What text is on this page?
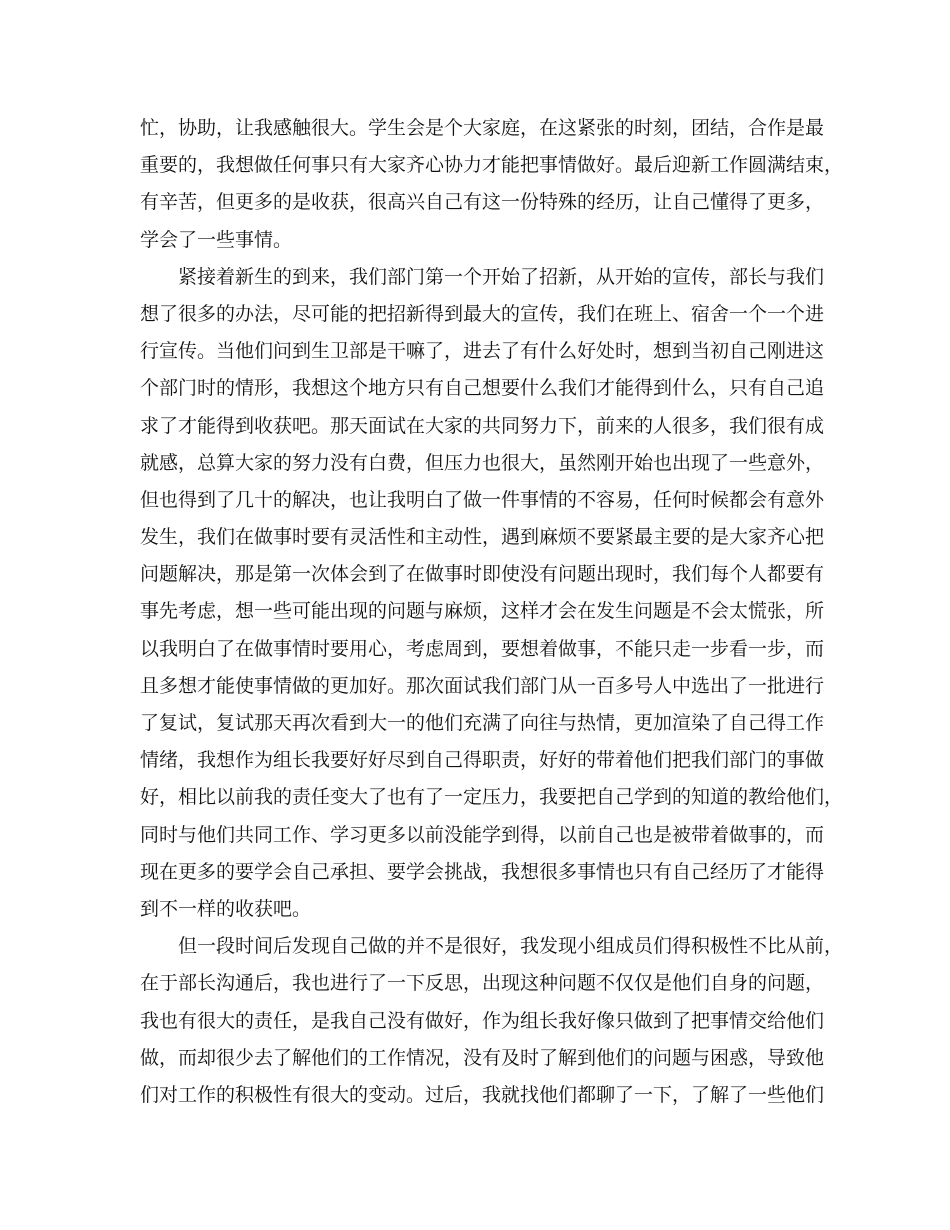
忙，协助，让我感触很大。学生会是个大家庭，在这紧张的时刻，团结，合作是最
重要的，我想做任何事只有大家齐心协力才能把事情做好。最后迎新工作圆满结束，
有辛苦，但更多的是收获，很高兴自己有这一份特殊的经历，让自己懂得了更多，
学会了一些事情。
紧接着新生的到来，我们部门第一个开始了招新，从开始的宣传，部长与我们
想了很多的办法，尽可能的把招新得到最大的宣传，我们在班上、宿舍一个一个进
行宣传。当他们问到生卫部是干嘛了，进去了有什么好处时，想到当初自己刚进这
个部门时的情形，我想这个地方只有自己想要什么我们才能得到什么，只有自己追
求了才能得到收获吧。那天面试在大家的共同努力下，前来的人很多，我们很有成
就感，总算大家的努力没有白费，但压力也很大，虽然刚开始也出现了一些意外，
但也得到了几十的解决，也让我明白了做一件事情的不容易，任何时候都会有意外
发生，我们在做事时要有灵活性和主动性，遇到麻烦不要紧最主要的是大家齐心把
问题解决，那是第一次体会到了在做事时即使没有问题出现时，我们每个人都要有
事先考虑，想一些可能出现的问题与麻烦，这样才会在发生问题是不会太慌张，所
以我明白了在做事情时要用心，考虑周到，要想着做事，不能只走一步看一步，而
且多想才能使事情做的更加好。那次面试我们部门从一百多号人中选出了一批进行
了复试，复试那天再次看到大一的他们充满了向往与热情，更加渲染了自己得工作
情绪，我想作为组长我要好好尽到自己得职责，好好的带着他们把我们部门的事做
好，相比以前我的责任变大了也有了一定压力，我要把自己学到的知道的教给他们，
同时与他们共同工作、学习更多以前没能学到得，以前自己也是被带着做事的，而
现在更多的要学会自己承担、要学会挑战，我想很多事情也只有自己经历了才能得
到不一样的收获吧。
但一段时间后发现自己做的并不是很好，我发现小组成员们得积极性不比从前，
在于部长沟通后，我也进行了一下反思，出现这种问题不仅仅是他们自身的问题，
我也有很大的责任，是我自己没有做好，作为组长我好像只做到了把事情交给他们
做，而却很少去了解他们的工作情况，没有及时了解到他们的问题与困惑，导致他
们对工作的积极性有很大的变动。过后，我就找他们都聊了一下，了解了一些他们
